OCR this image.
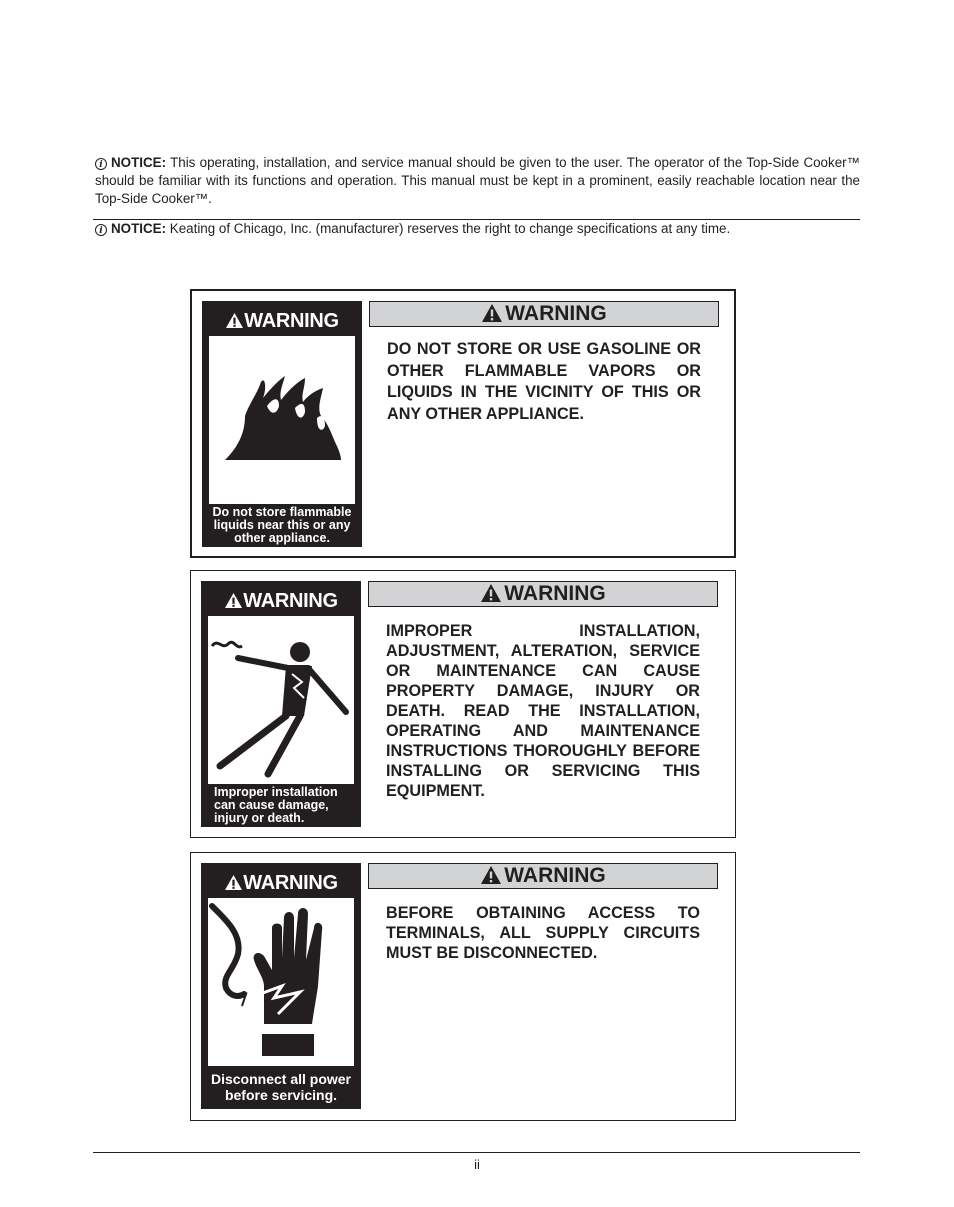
i NOTICE: This operating, installation, and service manual should be given to the user. The operator of the Top-Side Cooker™ should be familiar with its functions and operation. This manual must be kept in a prominent, easily reachable location near the Top-Side Cooker™.
i NOTICE: Keating of Chicago, Inc. (manufacturer) reserves the right to change specifications at any time.
WARNING
Do not store flammable liquids near this or any other appliance.
WARNING
DO NOT STORE OR USE GASOLINE OR OTHER FLAMMABLE VAPORS OR LIQUIDS IN THE VICINITY OF THIS OR ANY OTHER APPLIANCE.
WARNING
Improper installation can cause damage, injury or death.
WARNING
IMPROPER INSTALLATION, ADJUSTMENT, ALTERATION, SERVICE OR MAINTENANCE CAN CAUSE PROPERTY DAMAGE, INJURY OR DEATH. READ THE INSTALLATION, OPERATING AND MAINTENANCE INSTRUCTIONS THOROUGHLY BEFORE INSTALLING OR SERVICING THIS EQUIPMENT.
WARNING
Disconnect all power before servicing.
WARNING
BEFORE OBTAINING ACCESS TO TERMINALS, ALL SUPPLY CIRCUITS MUST BE DISCONNECTED.
ii
